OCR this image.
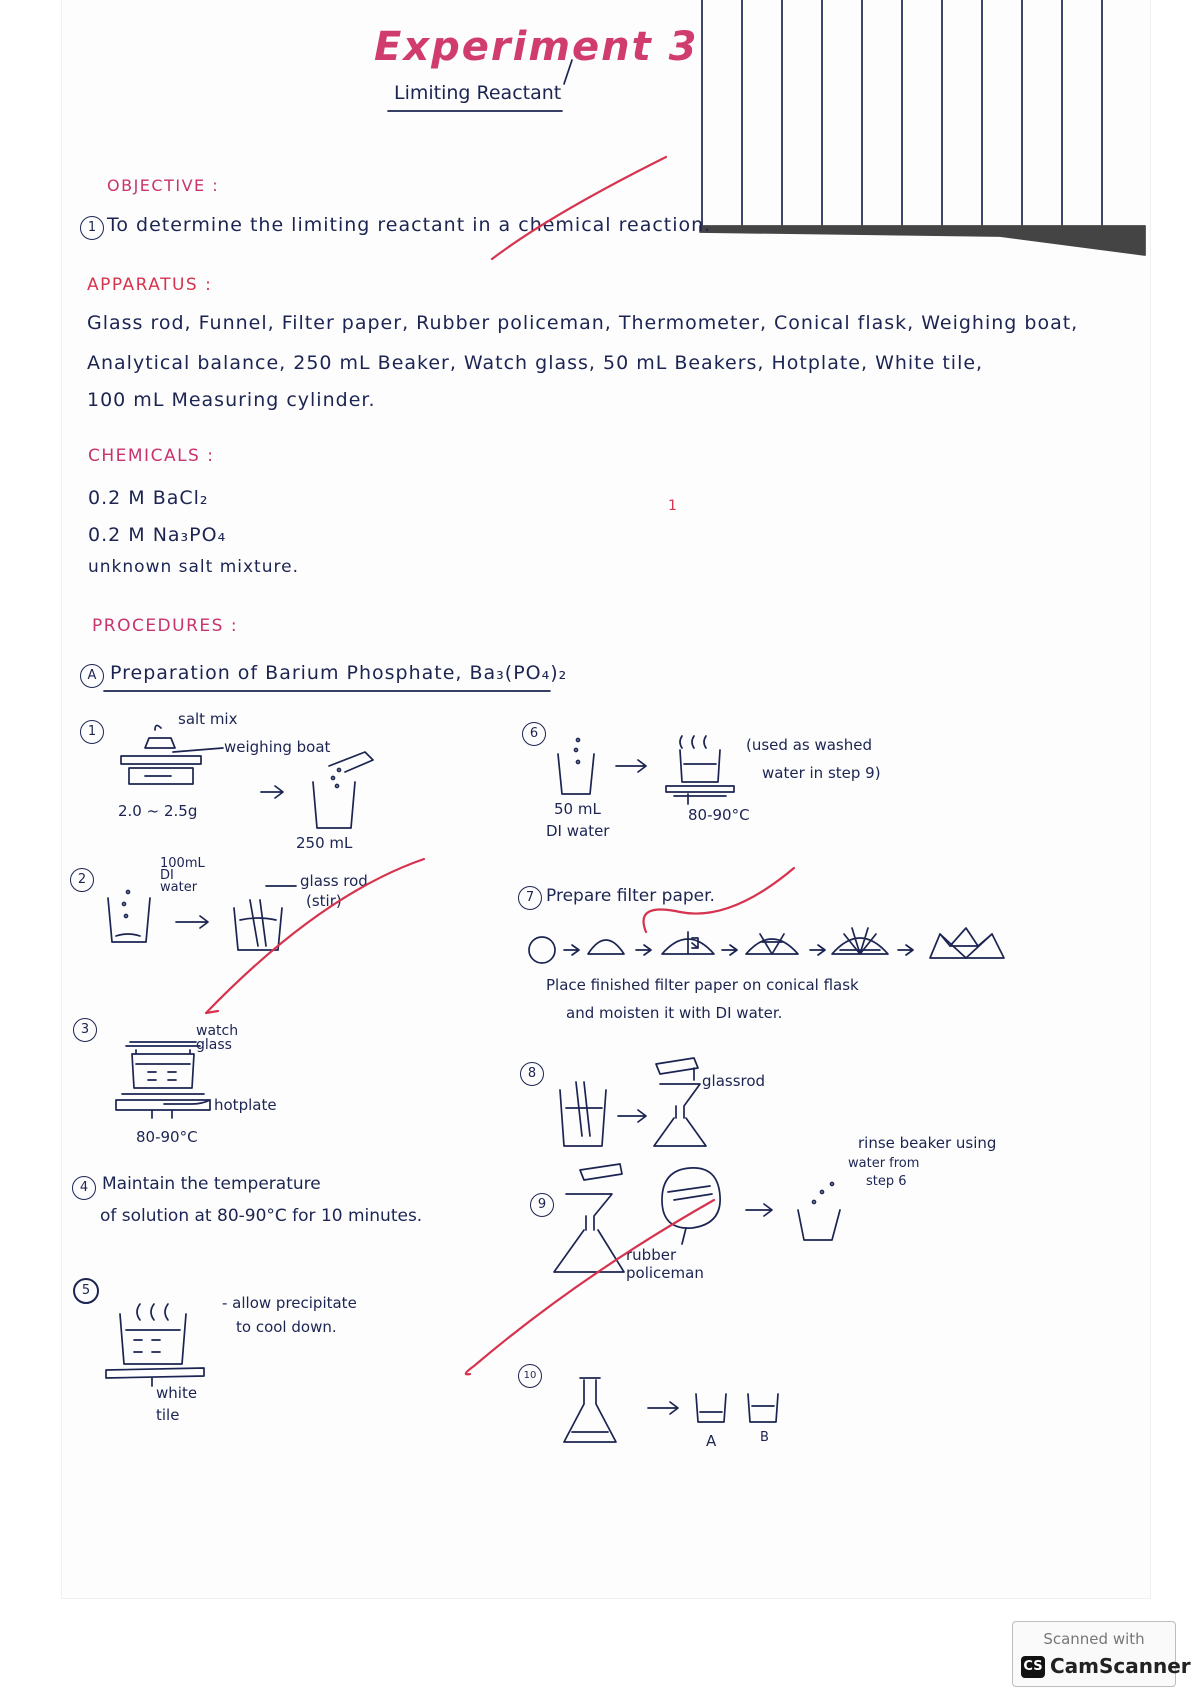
Experiment 3
Limiting Reactant
OBJECTIVE :
1 To determine the limiting reactant in a chemical reaction.
APPARATUS :
Glass rod, Funnel, Filter paper, Rubber policeman, Thermometer, Conical flask, Weighing boat,
Analytical balance, 250 mL Beaker, Watch glass, 50 mL Beakers, Hotplate, White tile,
100 mL Measuring cylinder.
CHEMICALS :
0.2 M BaCl₂
0.2 M Na₃PO₄
unknown salt mixture.
1
PROCEDURES :
A Preparation of Barium Phosphate, Ba₃(PO₄)₂
1
salt mix
weighing boat
2.0 ~ 2.5g
250 mL
2
100mL DI water	glass rod
(stir)
3	watch glass
hotplate
80-90°C
4 Maintain the temperature
of solution at 80-90°C for 10 minutes.
5
- allow precipitate
to cool down.
white tile
6
50 mL
DI water
80-90°C
(used as washed
water in step 9)
7 Prepare filter paper.
Place finished filter paper on conical flask
and moisten it with DI water.
8	glassrod
9
rubber policeman
rinse beaker using
water from
step 6
10
A	B
Scanned with
CS CamScanner
